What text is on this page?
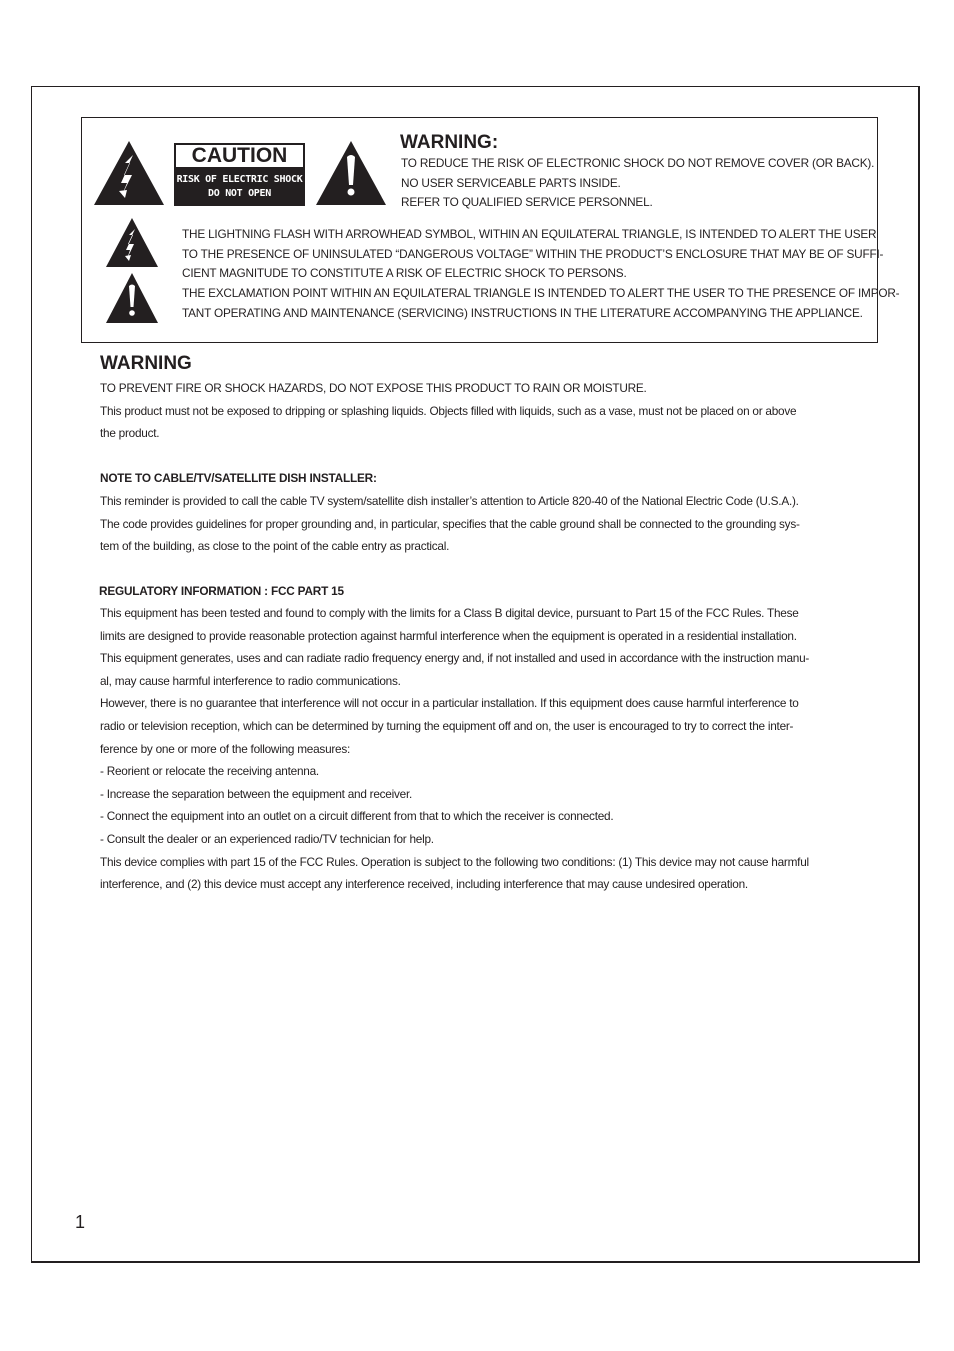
CAUTION
RISK OF ELECTRIC SHOCK
DO NOT OPEN
WARNING:
TO REDUCE THE RISK OF ELECTRONIC SHOCK DO NOT REMOVE COVER (OR BACK).
NO USER SERVICEABLE PARTS INSIDE.
REFER TO QUALIFIED SERVICE PERSONNEL.
THE LIGHTNING FLASH WITH ARROWHEAD SYMBOL, WITHIN AN EQUILATERAL TRIANGLE, IS INTENDED TO ALERT THE USER
TO THE PRESENCE OF UNINSULATED “DANGEROUS VOLTAGE” WITHIN THE PRODUCT’S ENCLOSURE THAT MAY BE OF SUFFI-
CIENT MAGNITUDE TO CONSTITUTE A RISK OF ELECTRIC SHOCK TO PERSONS.
THE EXCLAMATION POINT WITHIN AN EQUILATERAL TRIANGLE IS INTENDED TO ALERT THE USER TO THE PRESENCE OF IMPOR-
TANT OPERATING AND MAINTENANCE (SERVICING) INSTRUCTIONS IN THE LITERATURE ACCOMPANYING THE APPLIANCE.
WARNING
TO PREVENT FIRE OR SHOCK HAZARDS, DO NOT EXPOSE THIS PRODUCT TO RAIN OR MOISTURE.
This product must not be exposed to dripping or splashing liquids. Objects filled with liquids, such as a vase, must not be placed on or above
the product.
NOTE TO CABLE/TV/SATELLITE DISH INSTALLER:
This reminder is provided to call the cable TV system/satellite dish installer’s attention to Article 820-40 of the National Electric Code (U.S.A.).
The code provides guidelines for proper grounding and, in particular, specifies that the cable ground shall be connected to the grounding sys-
tem of the building, as close to the point of the cable entry as practical.
REGULATORY INFORMATION : FCC PART 15
This equipment has been tested and found to comply with the limits for a Class B digital device, pursuant to Part 15 of the FCC Rules. These
limits are designed to provide reasonable protection against harmful interference when the equipment is operated in a residential installation.
This equipment generates, uses and can radiate radio frequency energy and, if not installed and used in accordance with the instruction manu-
al, may cause harmful interference to radio communications.
However, there is no guarantee that interference will not occur in a particular installation. If this equipment does cause harmful interference to
radio or television reception, which can be determined by turning the equipment off and on, the user is encouraged to try to correct the inter-
ference by one or more of the following measures:
- Reorient or relocate the receiving antenna.
- Increase the separation between the equipment and receiver.
- Connect the equipment into an outlet on a circuit different from that to which the receiver is connected.
- Consult the dealer or an experienced radio/TV technician for help.
This device complies with part 15 of the FCC Rules. Operation is subject to the following two conditions: (1) This device may not cause harmful
interference, and (2) this device must accept any interference received, including interference that may cause undesired operation.
1
